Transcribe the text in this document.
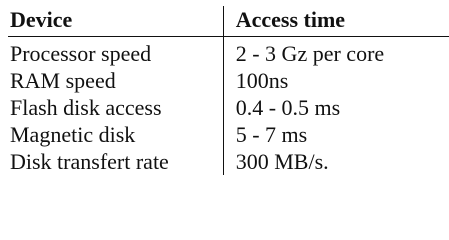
Device	Access time
Processor speed	2 - 3 Gz per core
RAM speed	100ns
Flash disk access	0.4 - 0.5 ms
Magnetic disk	5 - 7 ms
Disk transfert rate	300 MB/s.
